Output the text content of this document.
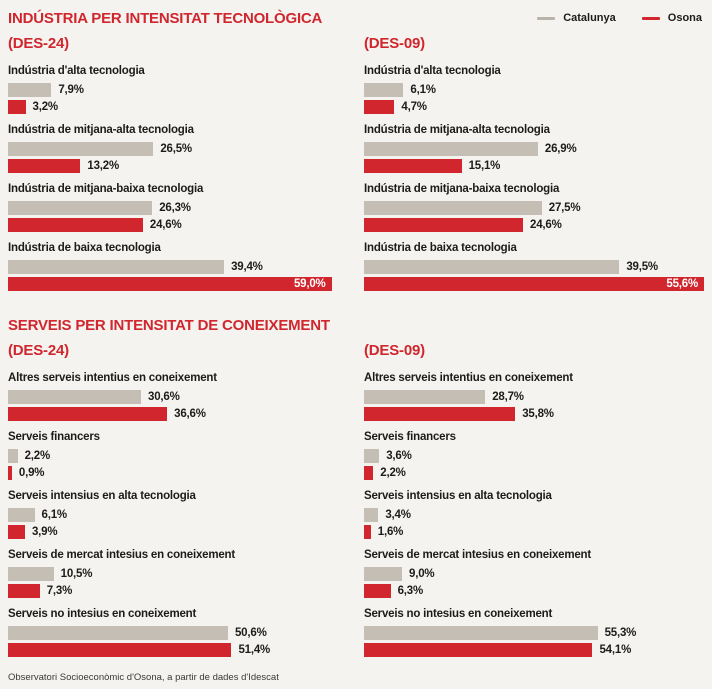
INDÚSTRIA PER INTENSITAT TECNOLÒGICA	Catalunya	Osona
(DES-24)
Indústria d'alta tecnologia
7,9%
3,2%
Indústria de mitjana-alta tecnologia
26,5%
13,2%
Indústria de mitjana-baixa tecnologia
26,3%
24,6%
Indústria de baixa tecnologia
39,4%
59,0%
(DES-09)
Indústria d'alta tecnologia
6,1%
4,7%
Indústria de mitjana-alta tecnologia
26,9%
15,1%
Indústria de mitjana-baixa tecnologia
27,5%
24,6%
Indústria de baixa tecnologia
39,5%
55,6%
SERVEIS PER INTENSITAT DE CONEIXEMENT
(DES-24)
Altres serveis intentius en coneixement
30,6%
36,6%
Serveis financers
2,2%
0,9%
Serveis intensius en alta tecnologia
6,1%
3,9%
Serveis de mercat intesius en coneixement
10,5%
7,3%
Serveis no intesius en coneixement
50,6%
51,4%
(DES-09)
Altres serveis intentius en coneixement
28,7%
35,8%
Serveis financers
3,6%
2,2%
Serveis intensius en alta tecnologia
3,4%
1,6%
Serveis de mercat intesius en coneixement
9,0%
6,3%
Serveis no intesius en coneixement
55,3%
54,1%
Observatori Socioeconòmic d'Osona, a partir de dades d'Idescat
